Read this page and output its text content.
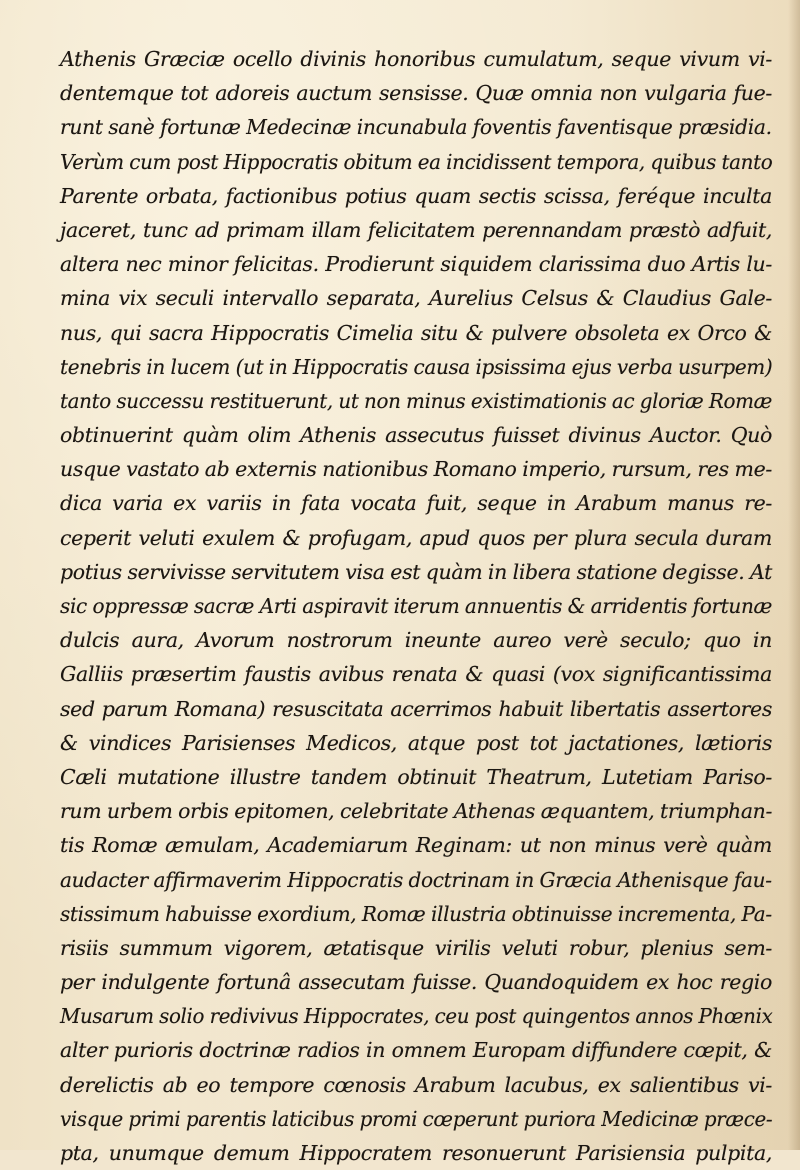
Athenis Græciæ ocello divinis honoribus cumulatum, seque vivum vi-
dentemque tot adoreis auctum sensisse. Quæ omnia non vulgaria fue-
runt sanè fortunæ Medecinæ incunabula foventis faventisque præsidia.
Verùm cum post Hippocratis obitum ea incidissent tempora, quibus tanto
Parente orbata, factionibus potius quam sectis scissa, feréque inculta
jaceret, tunc ad primam illam felicitatem perennandam præstò adfuit,
altera nec minor felicitas. Prodierunt siquidem clarissima duo Artis lu-
mina vix seculi intervallo separata, Aurelius Celsus & Claudius Gale-
nus, qui sacra Hippocratis Cimelia situ & pulvere obsoleta ex Orco &
tenebris in lucem (ut in Hippocratis causa ipsissima ejus verba usurpem)
tanto successu restituerunt, ut non minus existimationis ac gloriæ Romæ
obtinuerint quàm olim Athenis assecutus fuisset divinus Auctor. Quò
usque vastato ab externis nationibus Romano imperio, rursum, res me-
dica varia ex variis in fata vocata fuit, seque in Arabum manus re-
ceperit veluti exulem & profugam, apud quos per plura secula duram
potius servivisse servitutem visa est quàm in libera statione degisse. At
sic oppressæ sacræ Arti aspiravit iterum annuentis & arridentis fortunæ
dulcis aura, Avorum nostrorum ineunte aureo verè seculo; quo in
Galliis præsertim faustis avibus renata & quasi (vox significantissima
sed parum Romana) resuscitata acerrimos habuit libertatis assertores
& vindices Parisienses Medicos, atque post tot jactationes, lætioris
Cæli mutatione illustre tandem obtinuit Theatrum, Lutetiam Pariso-
rum urbem orbis epitomen, celebritate Athenas æquantem, triumphan-
tis Romæ æmulam, Academiarum Reginam: ut non minus verè quàm
audacter affirmaverim Hippocratis doctrinam in Græcia Athenisque fau-
stissimum habuisse exordium, Romæ illustria obtinuisse incrementa, Pa-
risiis summum vigorem, ætatisque virilis veluti robur, plenius sem-
per indulgente fortunâ assecutam fuisse. Quandoquidem ex hoc regio
Musarum solio redivivus Hippocrates, ceu post quingentos annos Phœnix
alter purioris doctrinæ radios in omnem Europam diffundere cœpit, &
derelictis ab eo tempore cœnosis Arabum lacubus, ex salientibus vi-
visque primi parentis laticibus promi cœperunt puriora Medicinæ præce-
pta, unumque demum Hippocratem resonuerunt Parisiensia pulpita,
